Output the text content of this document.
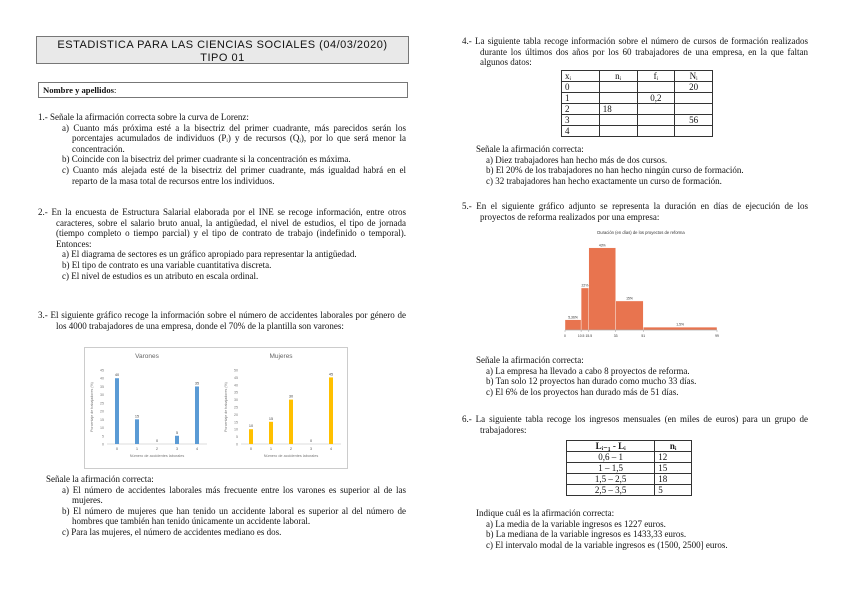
ESTADISTICA PARA LAS CIENCIAS SOCIALES (04/03/2020)
TIPO 01
Nombre y apellidos:

1.- Señale la afirmación correcta sobre la curva de Lorenz:

a) Cuanto más próxima esté a la bisectriz del primer cuadrante, más parecidos serán los porcentajes acumulados de individuos (Pᵢ) y de recursos (Qᵢ), por lo que será menor la concentración.

b) Coincide con la bisectriz del primer cuadrante si la concentración es máxima.

c) Cuanto más alejada esté de la bisectriz del primer cuadrante, más igualdad habrá en el reparto de la masa total de recursos entre los individuos.

2.- En la encuesta de Estructura Salarial elaborada por el INE se recoge información, entre otros caracteres, sobre el salario bruto anual, la antigüedad, el nivel de estudios, el tipo de jornada (tiempo completo o tiempo parcial) y el tipo de contrato de trabajo (indefinido o temporal). Entonces:

a) El diagrama de sectores es un gráfico apropiado para representar la antigüedad.

b) El tipo de contrato es una variable cuantitativa discreta.

c) El nivel de estudios es un atributo en escala ordinal.

3.- El siguiente gráfico recoge la información sobre el número de accidentes laborales por género de los 4000 trabajadores de una empresa, donde el 70% de la plantilla son varones:

Varones
0
5
10
15
20
25
30
35
40
45
0
40
1
15
2
0
3
5
4
35
Número de accidentes laborales
Porcentaje de trabajadores (%)
Mujeres
0
5
10
15
20
25
30
35
40
45
50
0
10
1
15
2
30
3
0
4
45
Número de accidentes laborales
Porcentaje de trabajadores (%)

Señale la afirmación correcta:

a) El número de accidentes laborales más frecuente entre los varones es superior al de las mujeres.

b) El número de mujeres que han tenido un accidente laboral es superior al del número de hombres que también han tenido únicamente un accidente laboral.

c) Para las mujeres, el número de accidentes mediano es dos.

4.- La siguiente tabla recoge información sobre el número de cursos de formación realizados durante los últimos dos años por los 60 trabajadores de una empresa, en la que faltan algunos datos:

xᵢ	nᵢ	fᵢ	Nᵢ
0			20
1		0,2	
2	18		
3			56
4			

Señale la afirmación correcta:

a) Diez trabajadores han hecho más de dos cursos.

b) El 20% de los trabajadores no han hecho ningún curso de formación.

c) 32 trabajadores han hecho exactamente un curso de formación.

5.- En el siguiente gráfico adjunto se representa la duración en días de ejecución de los proyectos de reforma realizados por una empresa:

Duración (en días) de los proyectos de reforma
5,36%
22%
43%
15%
1,5%
0	10.5 15.5	33	51	99

Señale la afirmación correcta:

a) La empresa ha llevado a cabo 8 proyectos de reforma.

b) Tan solo 12 proyectos han durado como mucho 33 días.

c) El 6% de los proyectos han durado más de 51 días.

6.- La siguiente tabla recoge los ingresos mensuales (en miles de euros) para un grupo de trabajadores:

Lᵢ₋₁ - Lᵢ	nᵢ
0,6 – 1	12
1 – 1,5	15
1,5 – 2,5	18
2,5 – 3,5	5

Indique cuál es la afirmación correcta:

a) La media de la variable ingresos es 1227 euros.

b) La mediana de la variable ingresos es 1433,33 euros.

c) El intervalo modal de la variable ingresos es (1500, 2500] euros.
